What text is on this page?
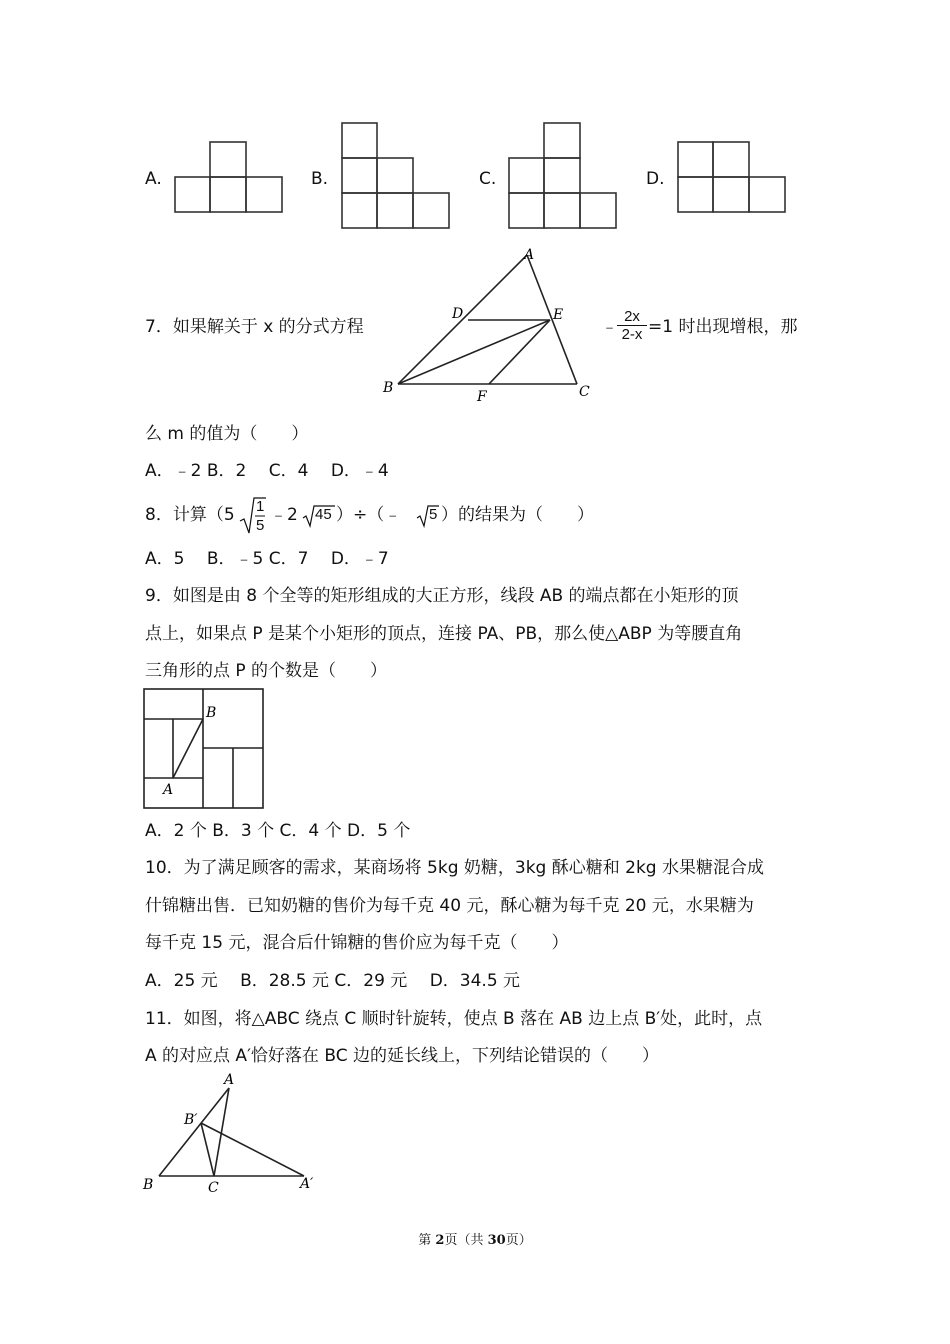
A.	B.	C.	D.
7．如果解关于 x 的分式方程
A
D	E
B
F	C
﹣ $\frac{2x}{2-x} =1$ 时出现增根，那
么 m 的值为（　　）
A．﹣2 B．2　 C．4　 D．﹣4
8．计算（5 1
5
﹣2 45 ）÷（﹣ 5 ）的结果为（　　）
A．5　 B．﹣5 C．7　 D．﹣7
9．如图是由 8 个全等的矩形组成的大正方形，线段 AB 的端点都在小矩形的顶
点上，如果点 P 是某个小矩形的顶点，连接 PA、PB，那么使△ABP 为等腰直角
三角形的点 P 的个数是（　　）
B
A
A．2 个 B．3 个 C．4 个 D．5 个
10．为了满足顾客的需求，某商场将 5kg 奶糖，3kg 酥心糖和 2kg 水果糖混合成
什锦糖出售．已知奶糖的售价为每千克 40 元，酥心糖为每千克 20 元，水果糖为
每千克 15 元，混合后什锦糖的售价应为每千克（　　）
A．25 元　 B．28.5 元 C．29 元　 D．34.5 元
11．如图，将△ABC 绕点 C 顺时针旋转，使点 B 落在 AB 边上点 B′处，此时，点
A 的对应点 A′恰好落在 BC 边的延长线上，下列结论错误的（　　）
A
B′
B	C	A′
第 2页（共 30页）
